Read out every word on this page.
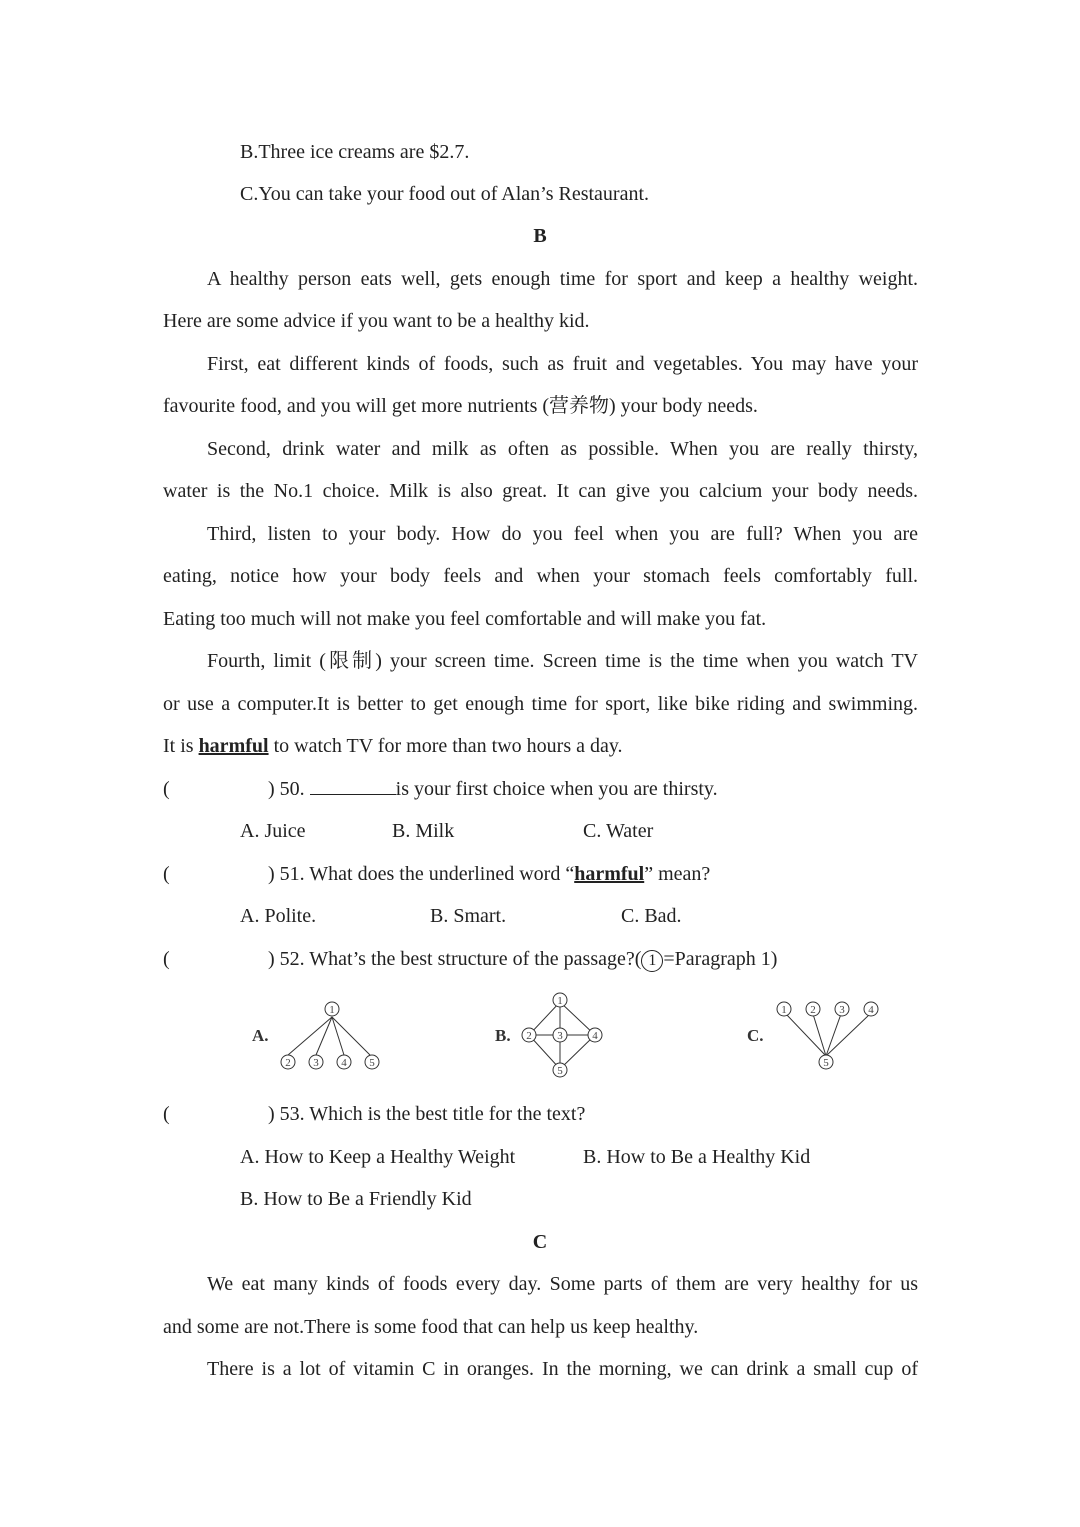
B.Three ice creams are $2.7.
C.You can take your food out of Alan’s Restaurant.
B
A healthy person eats well, gets enough time for sport and keep a healthy weight.
Here are some advice if you want to be a healthy kid.
First, eat different kinds of foods, such as fruit and vegetables. You may have your
favourite food, and you will get more nutrients (营养物) your body needs.
Second, drink water and milk as often as possible. When you are really thirsty,
water is the No.1 choice. Milk is also great. It can give you calcium your body needs.
Third, listen to your body. How do you feel when you are full? When you are
eating, notice how your body feels and when your stomach feels comfortably full.
Eating too much will not make you feel comfortable and will make you fat.
Fourth, limit (限制) your screen time. Screen time is the time when you watch TV
or use a computer.It is better to get enough time for sport, like bike riding and swimming.
It is harmful to watch TV for more than two hours a day.
(	) 50.	is your first choice when you are thirsty.
A. Juice	B. Milk	C. Water
(	) 51. What does the underlined word “harmful” mean?
A. Polite.	B. Smart.	C. Bad.
(	) 52. What’s the best structure of the passage?( 1 =Paragraph 1)
A.
1
2 3 4 5
B.
1
2 3	4
5
C.
1 2 3 4
5
(	) 53. Which is the best title for the text?
A. How to Keep a Healthy Weight	B. How to Be a Healthy Kid
B. How to Be a Friendly Kid
C
We eat many kinds of foods every day. Some parts of them are very healthy for us
and some are not.There is some food that can help us keep healthy.
There is a lot of vitamin C in oranges. In the morning, we can drink a small cup of
